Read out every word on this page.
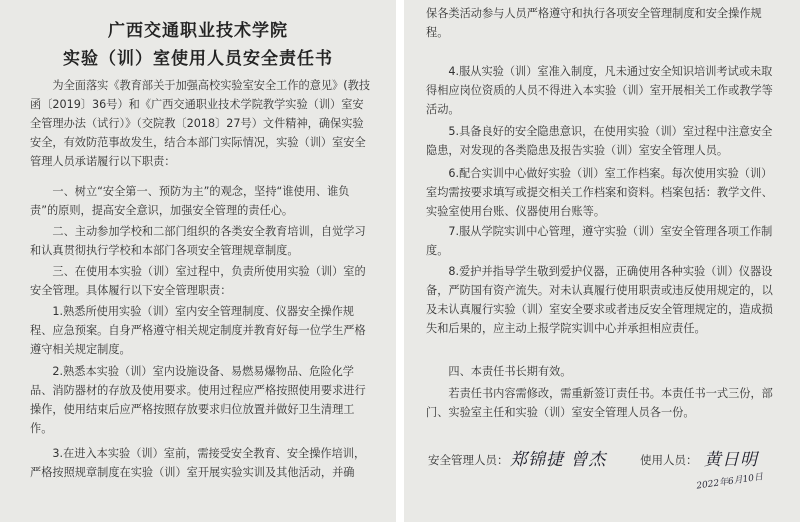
广西交通职业技术学院
实验（训）室使用人员安全责任书

为全面落实《教育部关于加强高校实验室安全工作的意见》(教技函〔2019〕36号）和《广西交通职业技术学院教学实验（训）室安全管理办法（试行）》（交院教〔2018〕27号）文件精神，确保实验安全，有效防范事故发生，结合本部门实际情况，实验（训）室安全管理人员承诺履行以下职责：

一、树立“安全第一、预防为主”的观念，坚持“谁使用、谁负责”的原则，提高安全意识，加强安全管理的责任心。

二、主动参加学校和二部门组织的各类安全教育培训，自觉学习和认真贯彻执行学校和本部门各项安全管理规章制度。

三、在使用本实验（训）室过程中，负责所使用实验（训）室的安全管理。具体履行以下安全管理职责：

1.熟悉所使用实验（训）室内安全管理制度、仪器安全操作规程、应急预案。自身严格遵守相关规定制度并教育好每一位学生严格遵守相关规定制度。

2.熟悉本实验（训）室内设施设备、易燃易爆物品、危险化学品、消防器材的存放及使用要求。使用过程应严格按照使用要求进行操作，使用结束后应严格按照存放要求归位放置并做好卫生清理工作。

3.在进入本实验（训）室前，需接受安全教育、安全操作培训，严格按照规章制度在实验（训）室开展实验实训及其他活动，并确

保各类活动参与人员严格遵守和执行各项安全管理制度和安全操作规程。

4.服从实验（训）室准入制度，凡未通过安全知识培训考试或未取得相应岗位资质的人员不得进入本实验（训）室开展相关工作或教学等活动。

5.具备良好的安全隐患意识，在使用实验（训）室过程中注意安全隐患，对发现的各类隐患及报告实验（训）室安全管理人员。

6.配合实训中心做好实验（训）室工作档案。每次使用实验（训）室均需按要求填写或提交相关工作档案和资料。档案包括：教学文件、实验室使用台账、仪器使用台账等。

7.服从学院实训中心管理，遵守实验（训）室安全管理各项工作制度。

8.爱护并指导学生敬到爱护仪器，正确使用各种实验（训）仪器设备，严防国有资产流失。对未认真履行使用职责或违反使用规定的，以及未认真履行实验（训）室安全要求或者违反安全管理规定的，造成损失和后果的，应主动上报学院实训中心并承担相应责任。

四、本责任书长期有效。

若责任书内容需修改，需重新签订责任书。本责任书一式三份，部门、实验室主任和实验（训）室安全管理人员各一份。

安全管理人员： 郑锦捷 曾杰	使用人员： 黄日明
2022年6月10日
